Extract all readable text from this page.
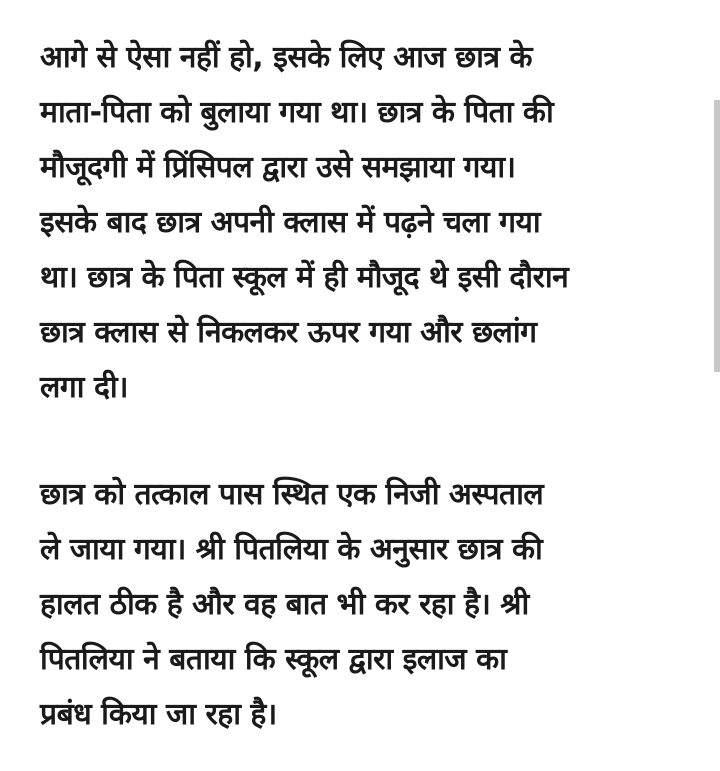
आगे से ऐसा नहीं हो, इसके लिए आज छात्र के
माता-पिता को बुलाया गया था। छात्र के पिता की
मौजूदगी में प्रिंसिपल द्वारा उसे समझाया गया।
इसके बाद छात्र अपनी क्लास में पढ़ने चला गया
था। छात्र के पिता स्कूल में ही मौजूद थे इसी दौरान
छात्र क्लास से निकलकर ऊपर गया और छलांग
लगा दी।

छात्र को तत्काल पास स्थित एक निजी अस्पताल
ले जाया गया। श्री पितलिया के अनुसार छात्र की
हालत ठीक है और वह बात भी कर रहा है। श्री
पितलिया ने बताया कि स्कूल द्वारा इलाज का
प्रबंध किया जा रहा है।
